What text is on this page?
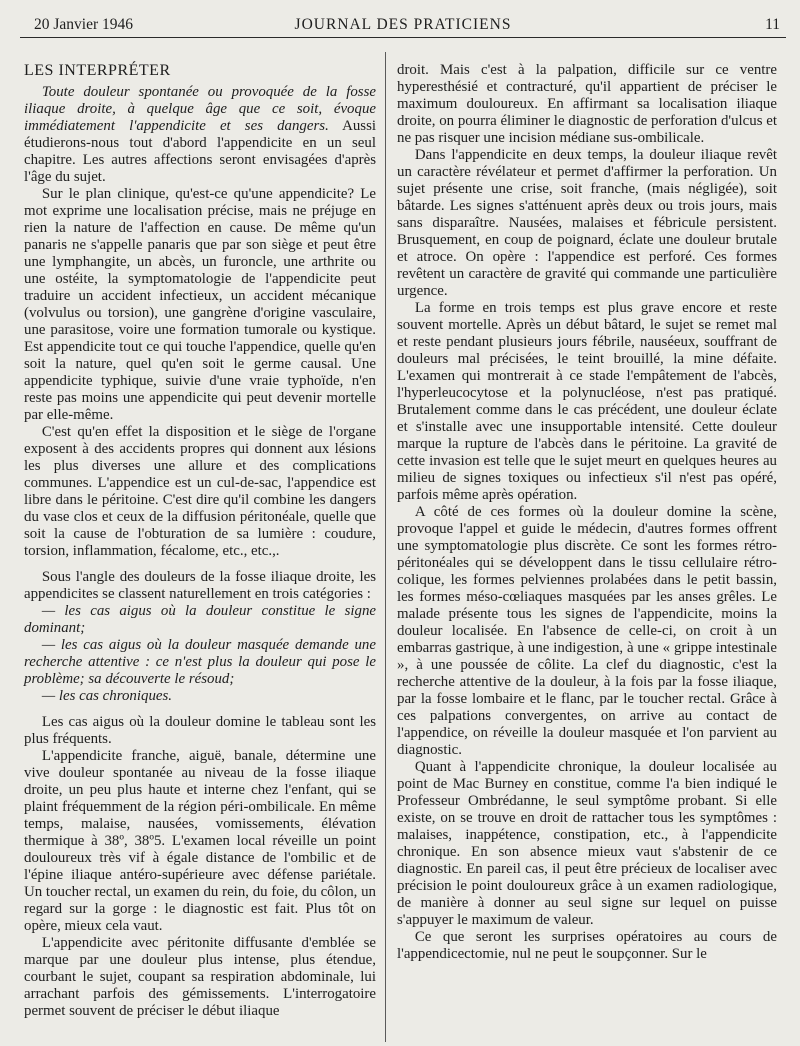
20 Janvier 1946	JOURNAL DES PRATICIENS	11

LES INTERPRÉTER

Toute douleur spontanée ou provoquée de la fosse iliaque droite, à quelque âge que ce soit, évoque immédiatement l'appendicite et ses dangers. Aussi étudierons-nous tout d'abord l'appendicite en un seul chapitre. Les autres affections seront envisagées d'après l'âge du sujet.

Sur le plan clinique, qu'est-ce qu'une appendicite? Le mot exprime une localisation précise, mais ne préjuge en rien la nature de l'affection en cause. De même qu'un panaris ne s'appelle panaris que par son siège et peut être une lymphangite, un abcès, un furoncle, une arthrite ou une ostéite, la symptomatologie de l'appendicite peut traduire un accident infectieux, un accident mécanique (volvulus ou torsion), une gangrène d'origine vasculaire, une parasitose, voire une formation tumorale ou kystique. Est appendicite tout ce qui touche l'appendice, quelle qu'en soit la nature, quel qu'en soit le germe causal. Une appendicite typhique, suivie d'une vraie typhoïde, n'en reste pas moins une appendicite qui peut devenir mortelle par elle-même.

C'est qu'en effet la disposition et le siège de l'organe exposent à des accidents propres qui donnent aux lésions les plus diverses une allure et des complications communes. L'appendice est un cul-de-sac, l'appendice est libre dans le péritoine. C'est dire qu'il combine les dangers du vase clos et ceux de la diffusion péritonéale, quelle que soit la cause de l'obturation de sa lumière : coudure, torsion, inflammation, fécalome, etc., etc.,.

Sous l'angle des douleurs de la fosse iliaque droite, les appendicites se classent naturellement en trois catégories :

— les cas aigus où la douleur constitue le signe dominant;

— les cas aigus où la douleur masquée demande une recherche attentive : ce n'est plus la douleur qui pose le problème; sa découverte le résoud;

— les cas chroniques.

Les cas aigus où la douleur domine le tableau sont les plus fréquents.

L'appendicite franche, aiguë, banale, détermine une vive douleur spontanée au niveau de la fosse iliaque droite, un peu plus haute et interne chez l'enfant, qui se plaint fréquemment de la région péri-ombilicale. En même temps, malaise, nausées, vomissements, élévation thermique à 38º, 38º5. L'examen local réveille un point douloureux très vif à égale distance de l'ombilic et de l'épine iliaque antéro-supérieure avec défense pariétale. Un toucher rectal, un examen du rein, du foie, du côlon, un regard sur la gorge : le diagnostic est fait. Plus tôt on opère, mieux cela vaut.

L'appendicite avec péritonite diffusante d'emblée se marque par une douleur plus intense, plus étendue, courbant le sujet, coupant sa respiration abdominale, lui arrachant parfois des gémissements. L'interrogatoire permet souvent de préciser le début iliaque

droit. Mais c'est à la palpation, difficile sur ce ventre hyperesthésié et contracturé, qu'il appartient de préciser le maximum douloureux. En affirmant sa localisation iliaque droite, on pourra éliminer le diagnostic de perforation d'ulcus et ne pas risquer une incision médiane sus-ombilicale.

Dans l'appendicite en deux temps, la douleur iliaque revêt un caractère révélateur et permet d'affirmer la perforation. Un sujet présente une crise, soit franche, (mais négligée), soit bâtarde. Les signes s'atténuent après deux ou trois jours, mais sans disparaître. Nausées, malaises et fébricule persistent. Brusquement, en coup de poignard, éclate une douleur brutale et atroce. On opère : l'appendice est perforé. Ces formes revêtent un caractère de gravité qui commande une particulière urgence.

La forme en trois temps est plus grave encore et reste souvent mortelle. Après un début bâtard, le sujet se remet mal et reste pendant plusieurs jours fébrile, nauséeux, souffrant de douleurs mal précisées, le teint brouillé, la mine défaite. L'examen qui montrerait à ce stade l'empâtement de l'abcès, l'hyperleucocytose et la polynucléose, n'est pas pratiqué. Brutalement comme dans le cas précédent, une douleur éclate et s'installe avec une insupportable intensité. Cette douleur marque la rupture de l'abcès dans le péritoine. La gravité de cette invasion est telle que le sujet meurt en quelques heures au milieu de signes toxiques ou infectieux s'il n'est pas opéré, parfois même après opération.

A côté de ces formes où la douleur domine la scène, provoque l'appel et guide le médecin, d'autres formes offrent une symptomatologie plus discrète. Ce sont les formes rétro-péritonéales qui se développent dans le tissu cellulaire rétro-colique, les formes pelviennes prolabées dans le petit bassin, les formes méso-cœliaques masquées par les anses grêles. Le malade présente tous les signes de l'appendicite, moins la douleur localisée. En l'absence de celle-ci, on croit à un embarras gastrique, à une indigestion, à une « grippe intestinale », à une poussée de côlite. La clef du diagnostic, c'est la recherche attentive de la douleur, à la fois par la fosse iliaque, par la fosse lombaire et le flanc, par le toucher rectal. Grâce à ces palpations convergentes, on arrive au contact de l'appendice, on réveille la douleur masquée et l'on parvient au diagnostic.

Quant à l'appendicite chronique, la douleur localisée au point de Mac Burney en constitue, comme l'a bien indiqué le Professeur Ombrédanne, le seul symptôme probant. Si elle existe, on se trouve en droit de rattacher tous les symptômes : malaises, inappétence, constipation, etc., à l'appendicite chronique. En son absence mieux vaut s'abstenir de ce diagnostic. En pareil cas, il peut être précieux de localiser avec précision le point douloureux grâce à un examen radiologique, de manière à donner au seul signe sur lequel on puisse s'appuyer le maximum de valeur.

Ce que seront les surprises opératoires au cours de l'appendicectomie, nul ne peut le soupçonner. Sur le
